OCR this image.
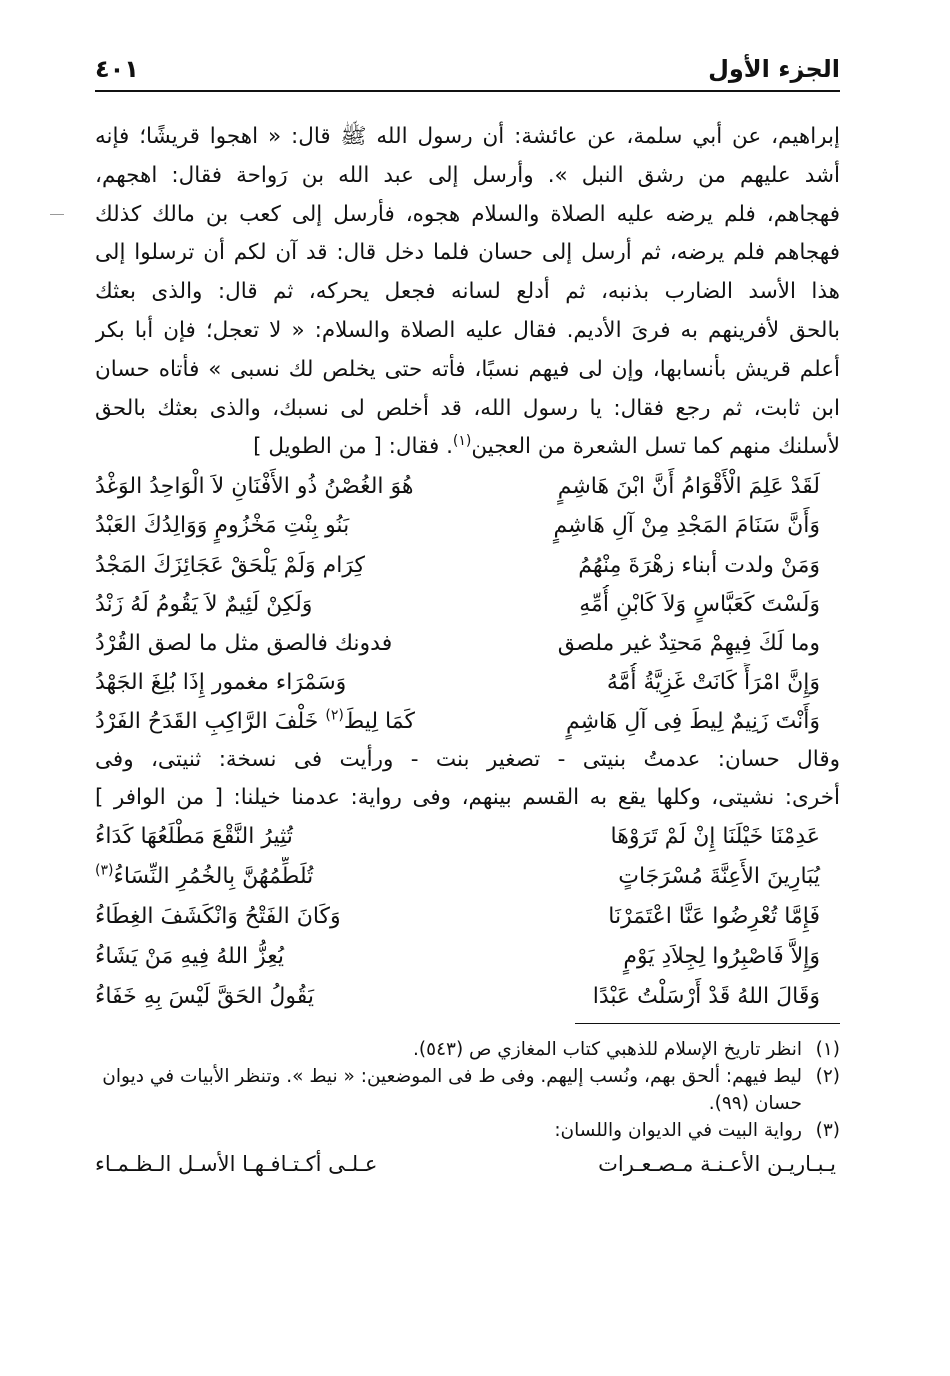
الجزء الأول
٤٠١
إبراهيم، عن أبي سلمة، عن عائشة: أن رسول الله ﷺ قال: « اهجوا قريشًا؛ فإنه
أشد عليهم من رشق النبل ». وأرسل إلى عبد الله بن رَواحة فقال: اهجهم،
فهجاهم، فلم يرضه عليه الصلاة والسلام هجوه، فأرسل إلى كعب بن مالك كذلك
فهجاهم فلم يرضه، ثم أرسل إلى حسان فلما دخل قال: قد آن لكم أن ترسلوا إلى
هذا الأسد الضارب بذنبه، ثم أدلع لسانه فجعل يحركه، ثم قال: والذى بعثك
بالحق لأفرينهم به فرىَ الأديم. فقال عليه الصلاة والسلام: « لا تعجل؛ فإن أبا بكر
أعلم قريش بأنسابها، وإن لى فيهم نسبًا، فأته حتى يخلص لك نسبى » فأتاه حسان
ابن ثابت، ثم رجع فقال: يا رسول الله، قد أخلص لى نسبك، والذى بعثك بالحق
لأسلنك منهم كما تسل الشعرة من العجين$^{(١)}$. فقال: [ من الطويل ]
لَقَدْ عَلِمَ الْأَقْوَامُ أَنَّ ابْنَ هَاشِمٍ
هُوَ الغُصْنُ ذُو الأَفْنَانِ لاَ الْوَاحِدُ الوَغْدُ
وَأَنَّ سَنَامَ المَجْدِ مِنْ آلِ هَاشِمٍ
بَنُو بِنْتِ مَخْزُومٍ وَوَالِدُكَ العَبْدُ
وَمَنْ ولدت أبناء زهْرَةَ مِنْهُمُ
كِرَام وَلَمْ يَلْحَقْ عَجَائِزَكَ المَجْدُ
وَلَسْتَ كَعَبَّاسٍ وَلاَ كَابْنِ أُمِّهِ
وَلَكِنْ لَئِيمٌ لاَ يَقُومُ لَهُ زَنْدُ
وما لَكَ فِيهِمْ مَحتِدٌ غير ملصق
فدونك فالصق مثل ما لصق القُرْدُ
وَإِنَّ امْرَأً كَانَتْ غَزِيَّةُ أُمَّهُ
وَسَمْرَاء مغمور إِذَا بُلِغَ الجَهْدُ
وَأَنْتَ زَنِيمٌ لِيطَ فِى آلِ هَاشِمٍ
كَمَا لِيطَ$^{(٢)}$ خَلْفَ الرَّاكِبِ القَدَحُ الفَرْدُ
وقال حسان: عدمتُ بنيتى - تصغير بنت - ورأيت فى نسخة: ثنيتى، وفى
أخرى: نشيتى، وكلها يقع به القسم بينهم، وفى رواية: عدمنا خيلنا: [ من الوافر ]
عَدِمْنَا خَيْلَنَا إِنْ لَمْ تَرَوْهَا
تُثِيرُ النَّقْعَ مَطْلَعُهَا كَدَاءُ
يُبَارِينَ الأَعِنَّةَ مُسْرَجَاتٍ
تُلَطِّمُهُنَّ بِالخُمُرِ النِّسَاءُ$^{(٣)}$
فَإِمَّا تُعْرِضُوا عَنَّا اعْتَمَرْنَا
وَكَانَ الفَتْحُ وَانْكَشَفَ الغِطَاءُ
وَإِلاَّ فَاصْبِرُوا لِجِلاَدِ يَوْمٍ
يُعِزُّ اللهُ فِيهِ مَنْ يَشَاءُ
وَقَالَ اللهُ قَدْ أَرْسَلْتُ عَبْدًا
يَقُولُ الحَقَّ لَيْسَ بِهِ خَفَاءُ
(١)
انظر تاريخ الإسلام للذهبي كتاب المغازي ص (٥٤٣).
(٢)
ليط فيهم: ألحق بهم، ونُسب إليهم. وفى ط فى الموضعين: « نيط ». وتنظر الأبيات في ديوان حسان (٩٩).
(٣)
رواية البيت في الديوان واللسان:
يـبـاريـن الأعـنـة مـصـعـرات
عـلـى أكـتـافـهـا الأسـل الـظـمـاء
